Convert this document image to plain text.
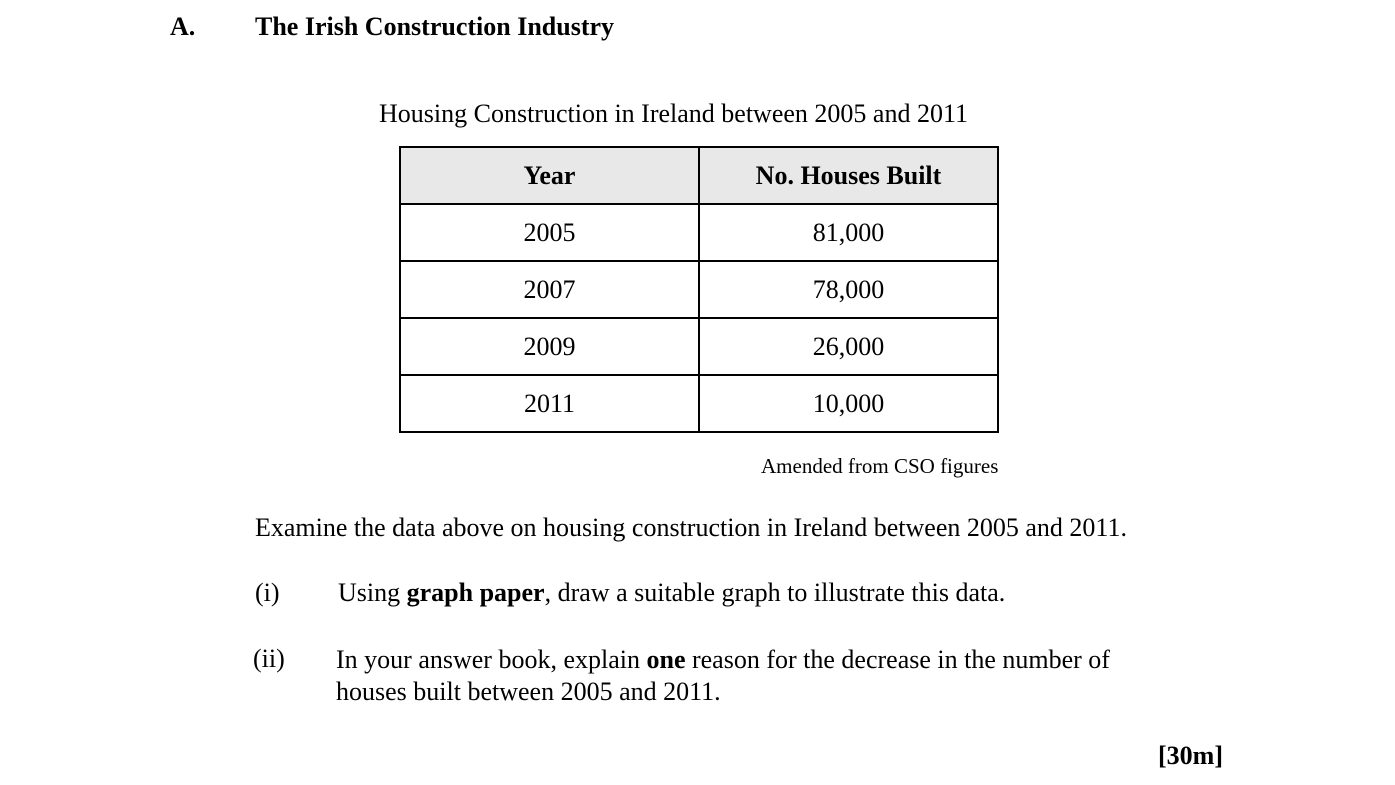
A. The Irish Construction Industry
Housing Construction in Ireland between 2005 and 2011
Year	No. Houses Built
2005	81,000
2007	78,000
2009	26,000
2011	10,000
Amended from CSO figures
Examine the data above on housing construction in Ireland between 2005 and 2011.
(i) Using graph paper, draw a suitable graph to illustrate this data.
(ii) In your answer book, explain one reason for the decrease in the number of
houses built between 2005 and 2011.
[30m]
